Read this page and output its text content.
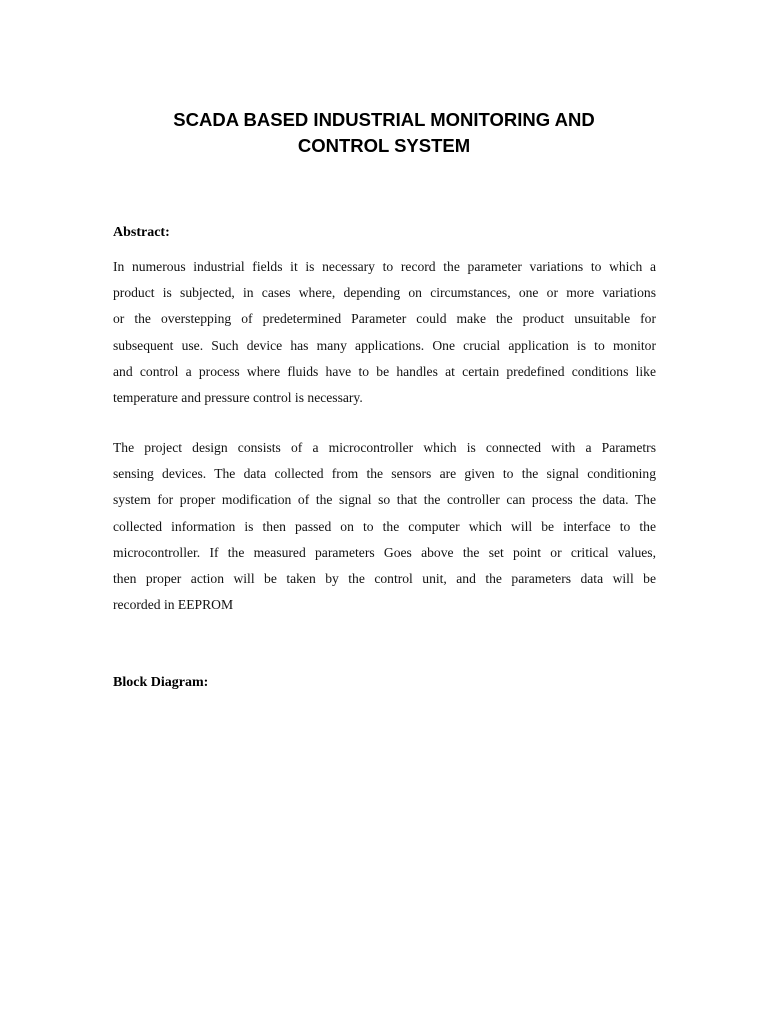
SCADA BASED INDUSTRIAL MONITORING AND
CONTROL SYSTEM
Abstract:
In numerous industrial fields it is necessary to record the parameter variations to which a
product is subjected, in cases where, depending on circumstances, one or more variations
or the overstepping of predetermined Parameter could make the product unsuitable for
subsequent use. Such device has many applications. One crucial application is to monitor
and control a process where fluids have to be handles at certain predefined conditions like
temperature and pressure control is necessary.
The project design consists of a microcontroller which is connected with a Parametrs
sensing devices. The data collected from the sensors are given to the signal conditioning
system for proper modification of the signal so that the controller can process the data. The
collected information is then passed on to the computer which will be interface to the
microcontroller. If the measured parameters Goes above the set point or critical values,
then proper action will be taken by the control unit, and the parameters data will be
recorded in EEPROM
Block Diagram:
